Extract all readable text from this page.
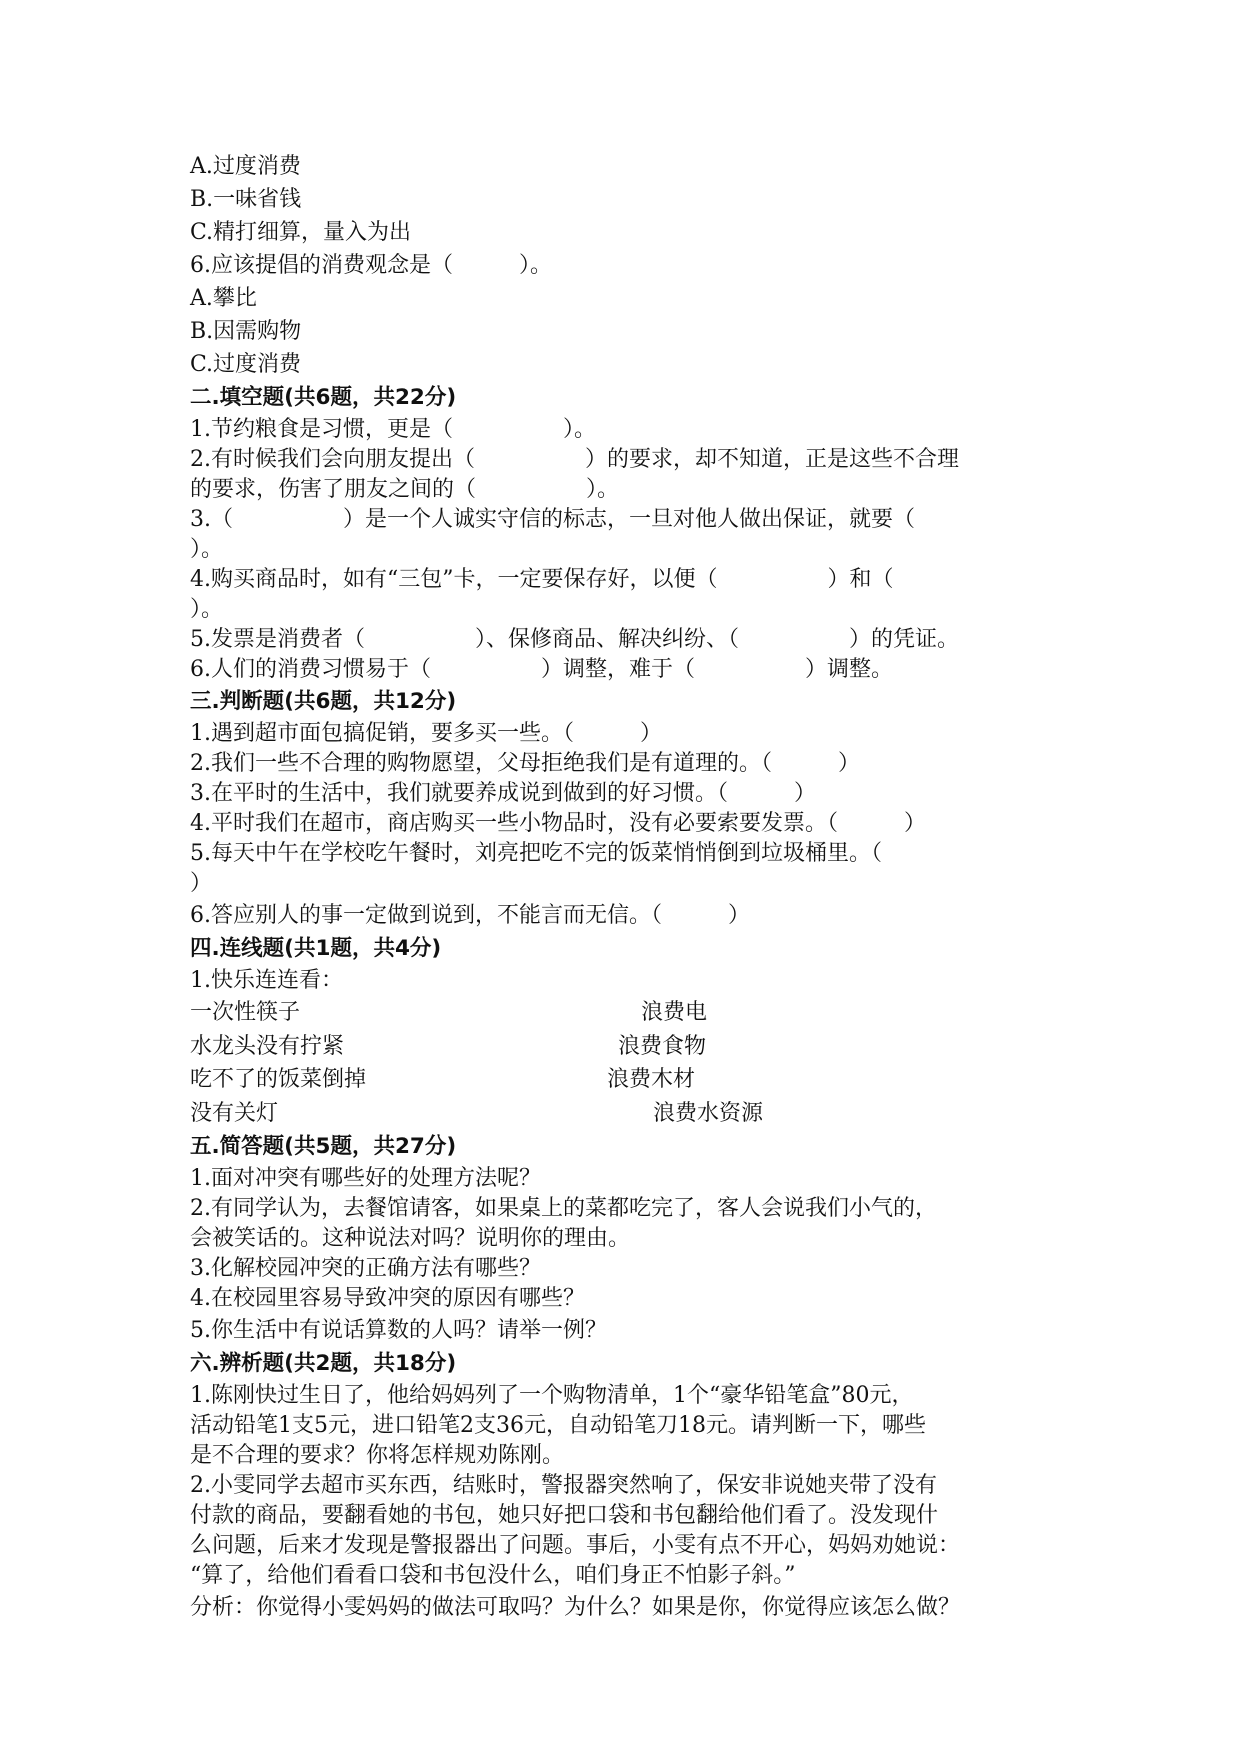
A.过度消费
B.一味省钱
C.精打细算，量入为出
6.应该提倡的消费观念是（　　　）。
A.攀比
B.因需购物
C.过度消费
二.填空题(共6题，共22分)
1.节约粮食是习惯，更是（　　　　　）。
2.有时候我们会向朋友提出（　　　　　）的要求，却不知道，正是这些不合理
的要求，伤害了朋友之间的（　　　　　）。
3.（　　　　　）是一个人诚实守信的标志，一旦对他人做出保证，就要（
）。
4.购买商品时，如有“三包”卡，一定要保存好，以便（　　　　　）和（
）。
5.发票是消费者（　　　　　）、保修商品、解决纠纷、（　　　　　）的凭证。
6.人们的消费习惯易于（　　　　　）调整，难于（　　　　　）调整。
三.判断题(共6题，共12分)
1.遇到超市面包搞促销，要多买一些。（　　　）
2.我们一些不合理的购物愿望，父母拒绝我们是有道理的。（　　　）
3.在平时的生活中，我们就要养成说到做到的好习惯。（　　　）
4.平时我们在超市，商店购买一些小物品时，没有必要索要发票。（　　　）
5.每天中午在学校吃午餐时，刘亮把吃不完的饭菜悄悄倒到垃圾桶里。（
）
6.答应别人的事一定做到说到，不能言而无信。（　　　）
四.连线题(共1题，共4分)
1.快乐连连看：
一次性筷子	浪费电
水龙头没有拧紧	浪费食物
吃不了的饭菜倒掉	浪费木材
没有关灯	浪费水资源
五.简答题(共5题，共27分)
1.面对冲突有哪些好的处理方法呢？
2.有同学认为，去餐馆请客，如果桌上的菜都吃完了，客人会说我们小气的，
会被笑话的。这种说法对吗？说明你的理由。
3.化解校园冲突的正确方法有哪些？
4.在校园里容易导致冲突的原因有哪些？
5.你生活中有说话算数的人吗？请举一例？
六.辨析题(共2题，共18分)
1.陈刚快过生日了，他给妈妈列了一个购物清单，1个“豪华铅笔盒”80元，
活动铅笔1支5元，进口铅笔2支36元，自动铅笔刀18元。请判断一下，哪些
是不合理的要求？你将怎样规劝陈刚。
2.小雯同学去超市买东西，结账时，警报器突然响了，保安非说她夹带了没有
付款的商品，要翻看她的书包，她只好把口袋和书包翻给他们看了。没发现什
么问题，后来才发现是警报器出了问题。事后，小雯有点不开心，妈妈劝她说：
“算了，给他们看看口袋和书包没什么，咱们身正不怕影子斜。”
分析：你觉得小雯妈妈的做法可取吗？为什么？如果是你，你觉得应该怎么做？
